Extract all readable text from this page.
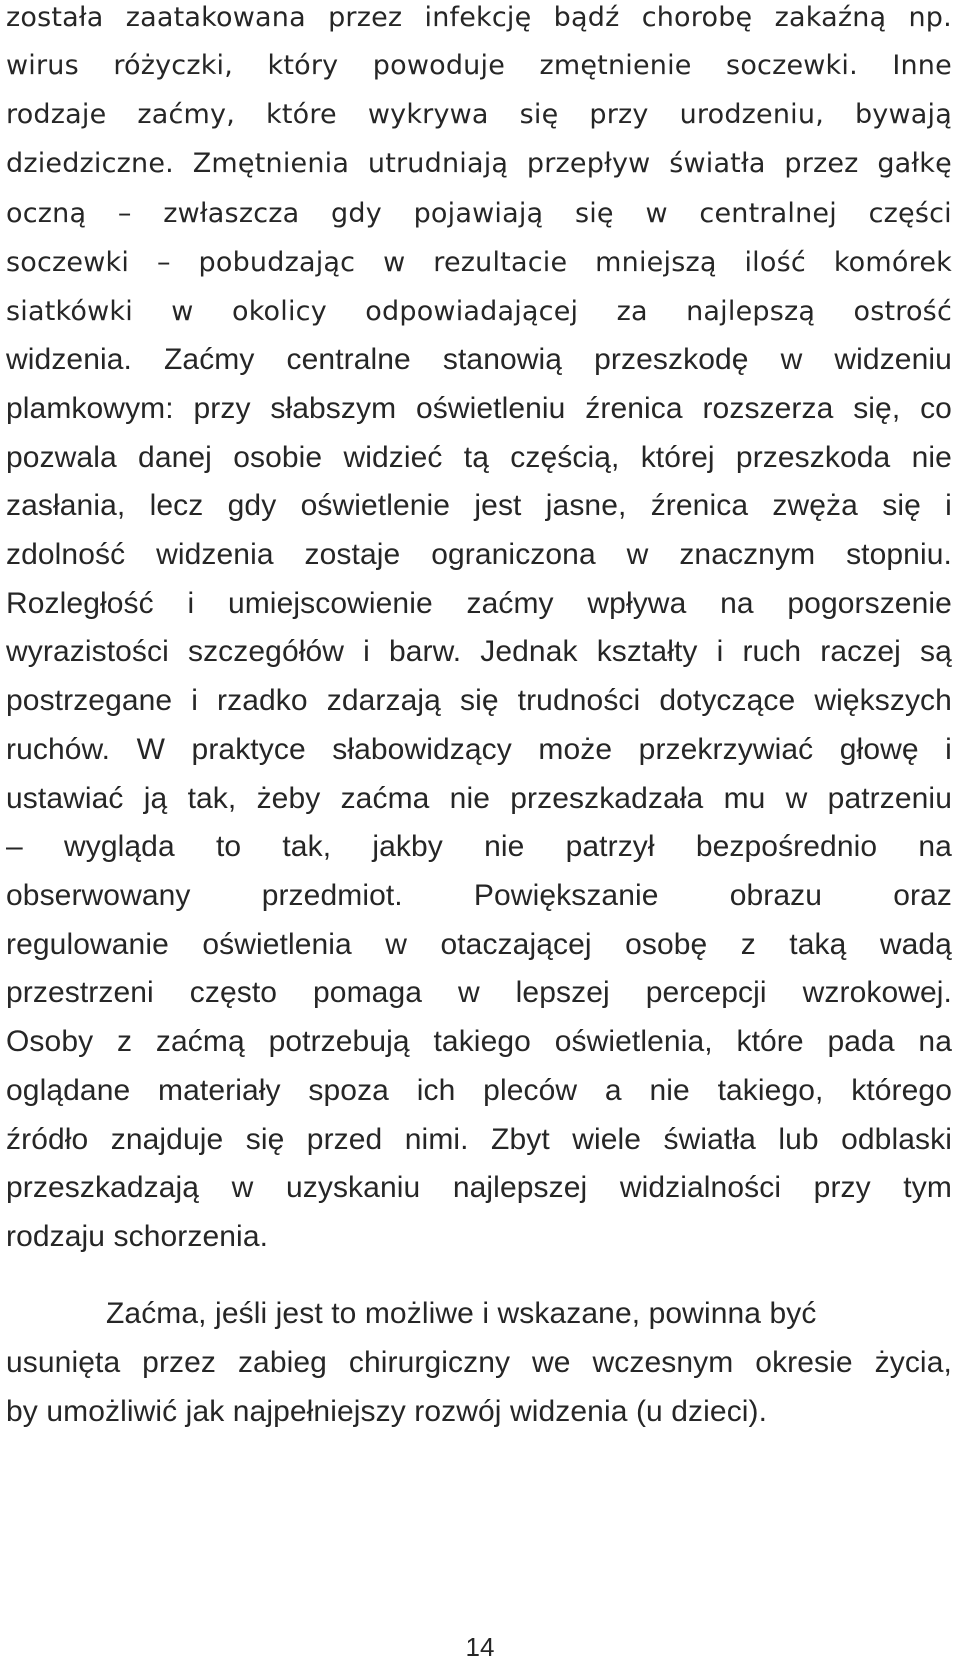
została zaatakowana przez infekcję bądź chorobę zakaźną np.
wirus różyczki, który powoduje zmętnienie soczewki. Inne
rodzaje zaćmy, które wykrywa się przy urodzeniu, bywają
dziedziczne. Zmętnienia utrudniają przepływ światła przez gałkę
oczną – zwłaszcza gdy pojawiają się w centralnej części
soczewki – pobudzając w rezultacie mniejszą ilość komórek
siatkówki w okolicy odpowiadającej za najlepszą ostrość
widzenia. Zaćmy centralne stanowią przeszkodę w widzeniu
plamkowym: przy słabszym oświetleniu źrenica rozszerza się, co
pozwala danej osobie widzieć tą częścią, której przeszkoda nie
zasłania, lecz gdy oświetlenie jest jasne, źrenica zwęża się i
zdolność widzenia zostaje ograniczona w znacznym stopniu.
Rozległość i umiejscowienie zaćmy wpływa na pogorszenie
wyrazistości szczegółów i barw. Jednak kształty i ruch raczej są
postrzegane i rzadko zdarzają się trudności dotyczące większych
ruchów. W praktyce słabowidzący może przekrzywiać głowę i
ustawiać ją tak, żeby zaćma nie przeszkadzała mu w patrzeniu
– wygląda to tak, jakby nie patrzył bezpośrednio na
obserwowany przedmiot. Powiększanie obrazu oraz
regulowanie oświetlenia w otaczającej osobę z taką wadą
przestrzeni często pomaga w lepszej percepcji wzrokowej.
Osoby z zaćmą potrzebują takiego oświetlenia, które pada na
oglądane materiały spoza ich pleców a nie takiego, którego
źródło znajduje się przed nimi. Zbyt wiele światła lub odblaski
przeszkadzają w uzyskaniu najlepszej widzialności przy tym
rodzaju schorzenia.
Zaćma, jeśli jest to możliwe i wskazane, powinna być
usunięta przez zabieg chirurgiczny we wczesnym okresie życia,
by umożliwić jak najpełniejszy rozwój widzenia (u dzieci).
14
